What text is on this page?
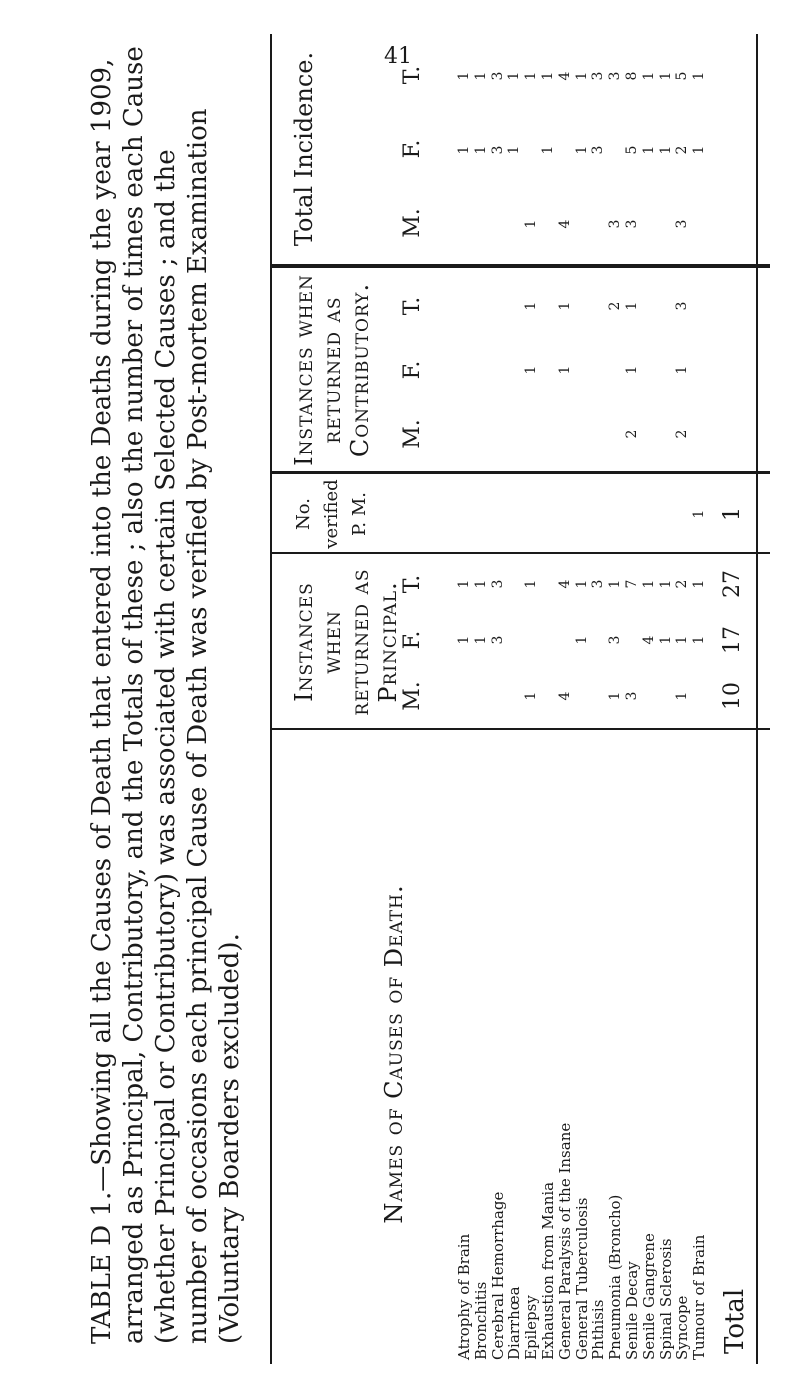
41
TABLE D 1.—Showing all the Causes of Death that entered into the Deaths during the year 1909, arranged as Principal, Contributory, and the Totals of these ; also the number of times each Cause (whether Principal or Contributory) was associated with certain Selected Causes ; and the number of occasions each principal Cause of Death was verified by Post-mortem Examination (Voluntary Boarders excluded).	Names of Causes of Death.
Instances when returned as Principal.
No. verified P. M.
Instances when returned as Contributory.
Total Incidence.
M.
F.
T.
M.
F.
T.
M.
F.
T.
Atrophy of Brain
1
1
1
1
Bronchitis
1
1
1
1
Cerebral Hemorrhage
3
3
3
3
Diarrhœa
1
1
Epilepsy
1
1
1
1
1
1
Exhaustion from Mania
1
1
General Paralysis of the Insane
4
4
1
1
4
4
General Tuberculosis
1
1
1
1
Phthisis
3
3
3
Pneumonia (Broncho)
1
3
1
2
3
3
Senile Decay
3
7
2
1
1
3
5
8
Senile Gangrene
4
1
1
1
Spinal Sclerosis
1
1
1
1
Syncope
1
1
2
2
1
3
3
2
5
Tumour of Brain
1
1
1
1
1
Total
10
17
27
1
